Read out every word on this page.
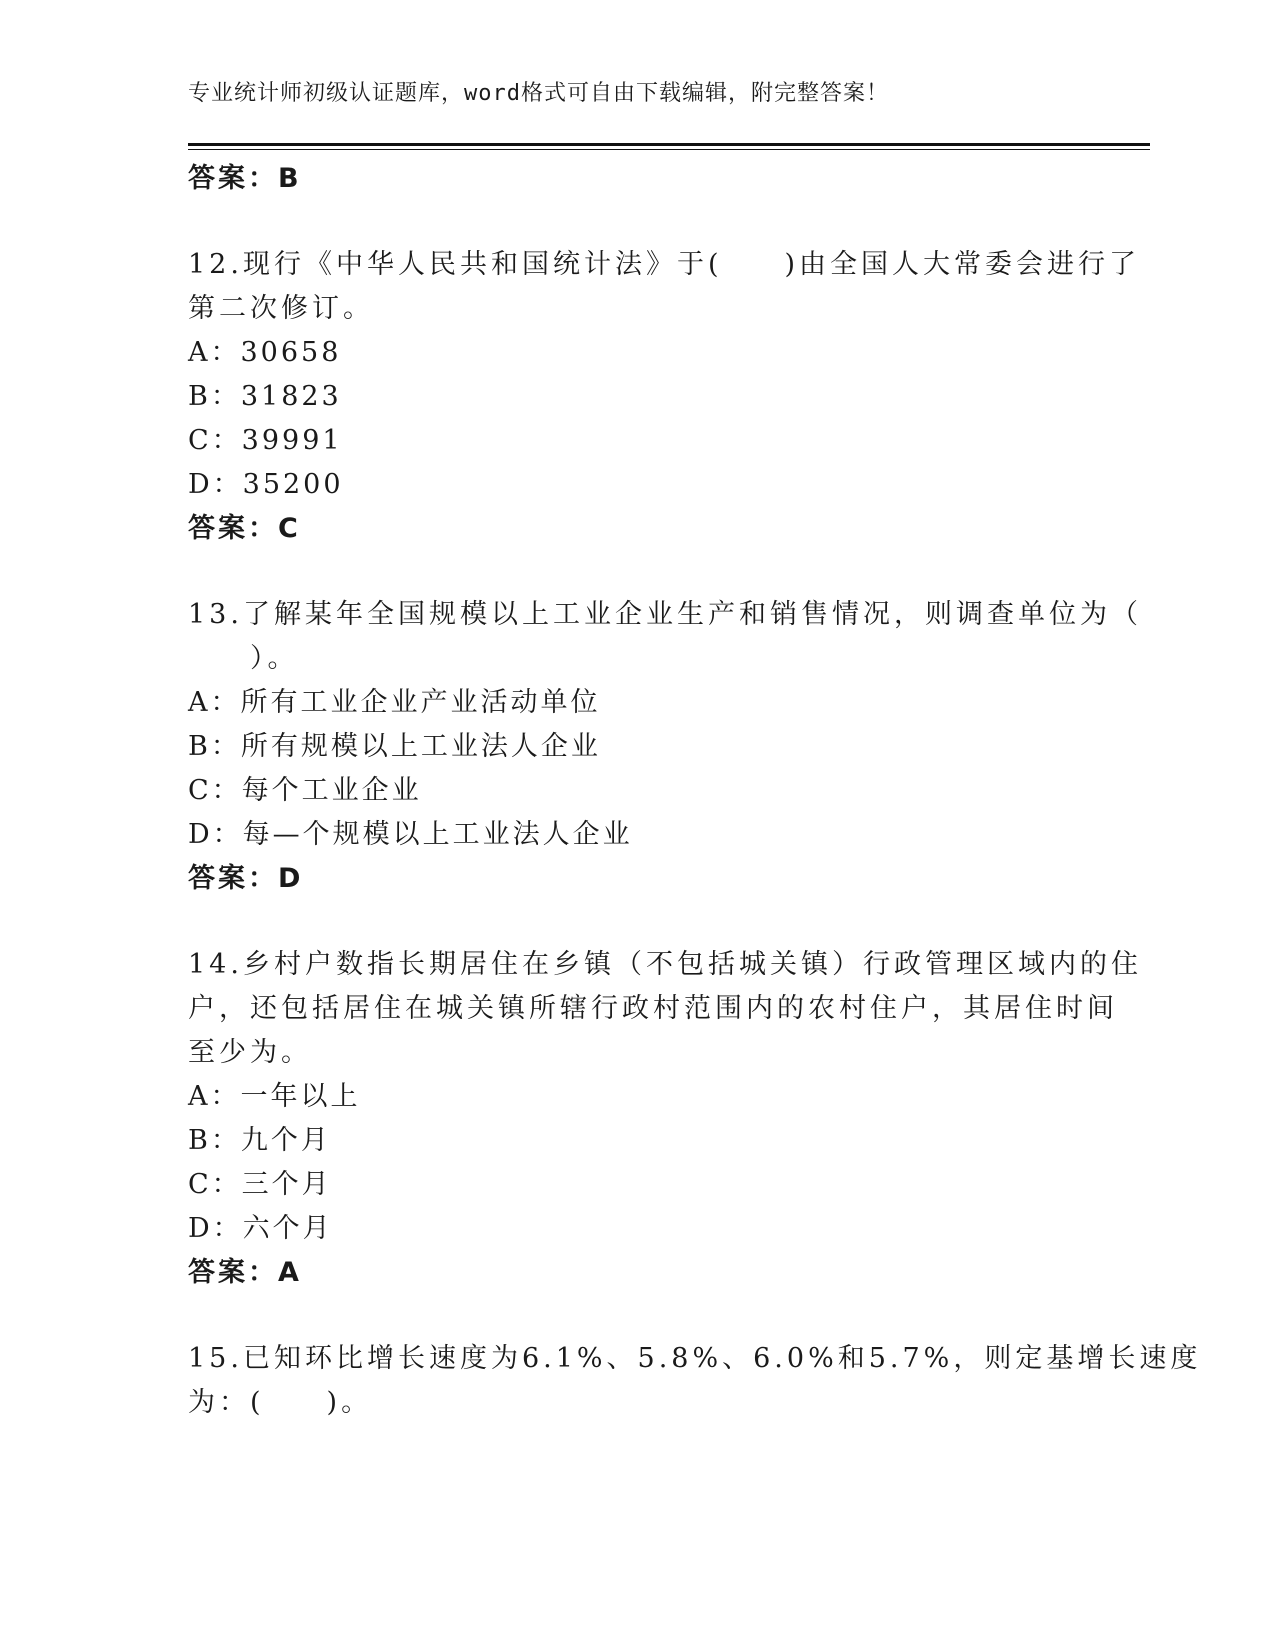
专业统计师初级认证题库，word格式可自由下载编辑，附完整答案！
答案：B
12.现行《中华人民共和国统计法》于(　　)由全国人大常委会进行了
第二次修订。
A：30658
B：31823
C：39991
D：35200
答案：C
13.了解某年全国规模以上工业企业生产和销售情况，则调查单位为（
　　）。
A：所有工业企业产业活动单位
B：所有规模以上工业法人企业
C：每个工业企业
D：每—个规模以上工业法人企业
答案：D
14.乡村户数指长期居住在乡镇（不包括城关镇）行政管理区域内的住
户，还包括居住在城关镇所辖行政村范围内的农村住户，其居住时间
至少为。
A：一年以上
B：九个月
C：三个月
D：六个月
答案：A
15.已知环比增长速度为6.1%、5.8%、6.0%和5.7%，则定基增长速度
为：(　　)。
